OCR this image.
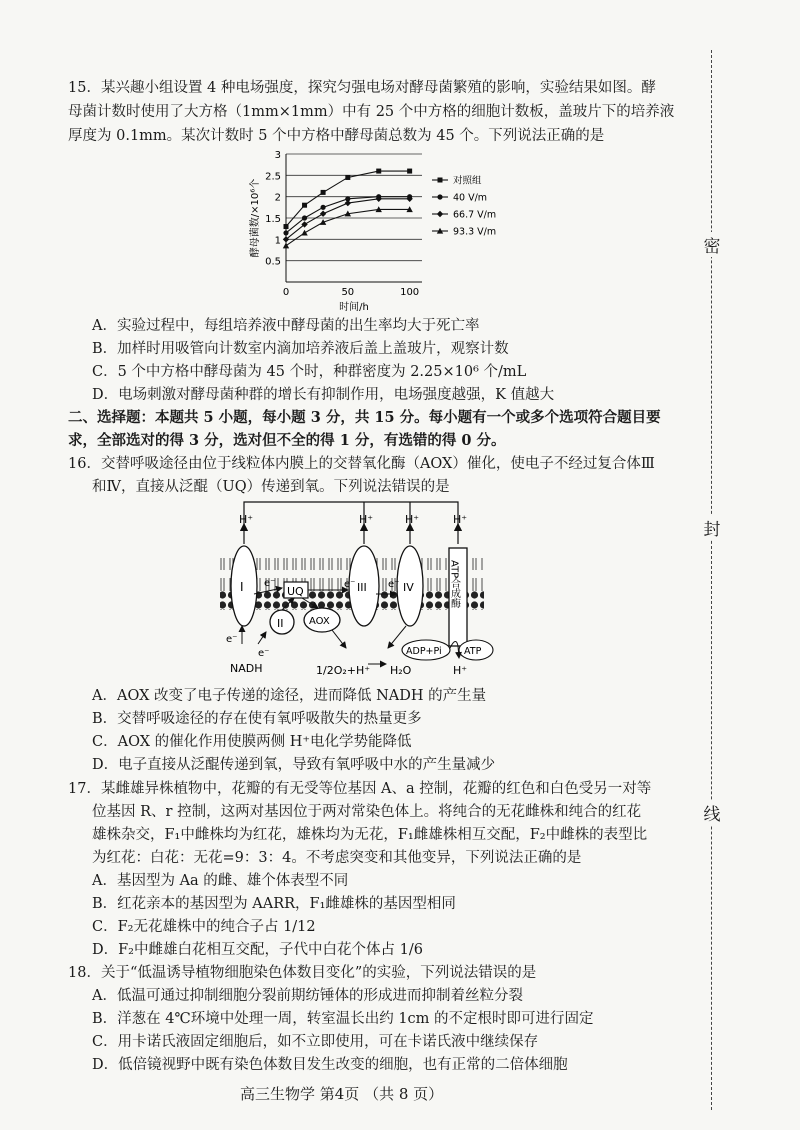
密
封
线
15．某兴趣小组设置 4 种电场强度，探究匀强电场对酵母菌繁殖的影响，实验结果如图。酵
母菌计数时使用了大方格（1mm×1mm）中有 25 个中方格的细胞计数板，盖玻片下的培养液
厚度为 0.1mm。某次计数时 5 个中方格中酵母菌总数为 45 个。下列说法正确的是
0.5
1
1.5
2
2.5
3
0	50	100
时间/h
酵母菌数/×10⁶个	对照组
40 V/m
66.7 V/m
93.3 V/m
A．实验过程中，每组培养液中酵母菌的出生率均大于死亡率
B．加样时用吸管向计数室内滴加培养液后盖上盖玻片，观察计数
C．5 个中方格中酵母菌为 45 个时，种群密度为 2.25×10⁶ 个/mL
D．电场刺激对酵母菌种群的增长有抑制作用，电场强度越强，K 值越大
二、选择题：本题共 5 小题，每小题 3 分，共 15 分。每小题有一个或多个选项符合题目要
求，全部选对的得 3 分，选对但不全的得 1 分，有选错的得 0 分。
16．交替呼吸途径由位于线粒体内膜上的交替氧化酶（AOX）催化，使电子不经过复合体Ⅲ
和Ⅳ，直接从泛醌（UQ）传递到氧。下列说法错误的是
H⁺	H⁺	H⁺	H⁺
I
II
UQ
AOX
III	IV	ATP合成酶
e⁻	e⁻	e⁻
e⁻
e⁻
NADH	1/2O₂+H⁺ H₂O
ADP+Pi ATP
H⁺
A．AOX 改变了电子传递的途径，进而降低 NADH 的产生量
B．交替呼吸途径的存在使有氧呼吸散失的热量更多
C．AOX 的催化作用使膜两侧 H⁺电化学势能降低
D．电子直接从泛醌传递到氧，导致有氧呼吸中水的产生量减少
17．某雌雄异株植物中，花瓣的有无受等位基因 A、a 控制，花瓣的红色和白色受另一对等
位基因 R、r 控制，这两对基因位于两对常染色体上。将纯合的无花雌株和纯合的红花
雄株杂交，F₁中雌株均为红花，雄株均为无花，F₁雌雄株相互交配，F₂中雌株的表型比
为红花：白花：无花=9：3：4。不考虑突变和其他变异，下列说法正确的是
A．基因型为 Aa 的雌、雄个体表型不同
B．红花亲本的基因型为 AARR，F₁雌雄株的基因型相同
C．F₂无花雄株中的纯合子占 1/12
D．F₂中雌雄白花相互交配，子代中白花个体占 1/6
18．关于“低温诱导植物细胞染色体数目变化”的实验，下列说法错误的是
A．低温可通过抑制细胞分裂前期纺锤体的形成进而抑制着丝粒分裂
B．洋葱在 4℃环境中处理一周，转室温长出约 1cm 的不定根时即可进行固定
C．用卡诺氏液固定细胞后，如不立即使用，可在卡诺氏液中继续保存
D．低倍镜视野中既有染色体数目发生改变的细胞，也有正常的二倍体细胞
高三生物学 第4页 （共 8 页）
